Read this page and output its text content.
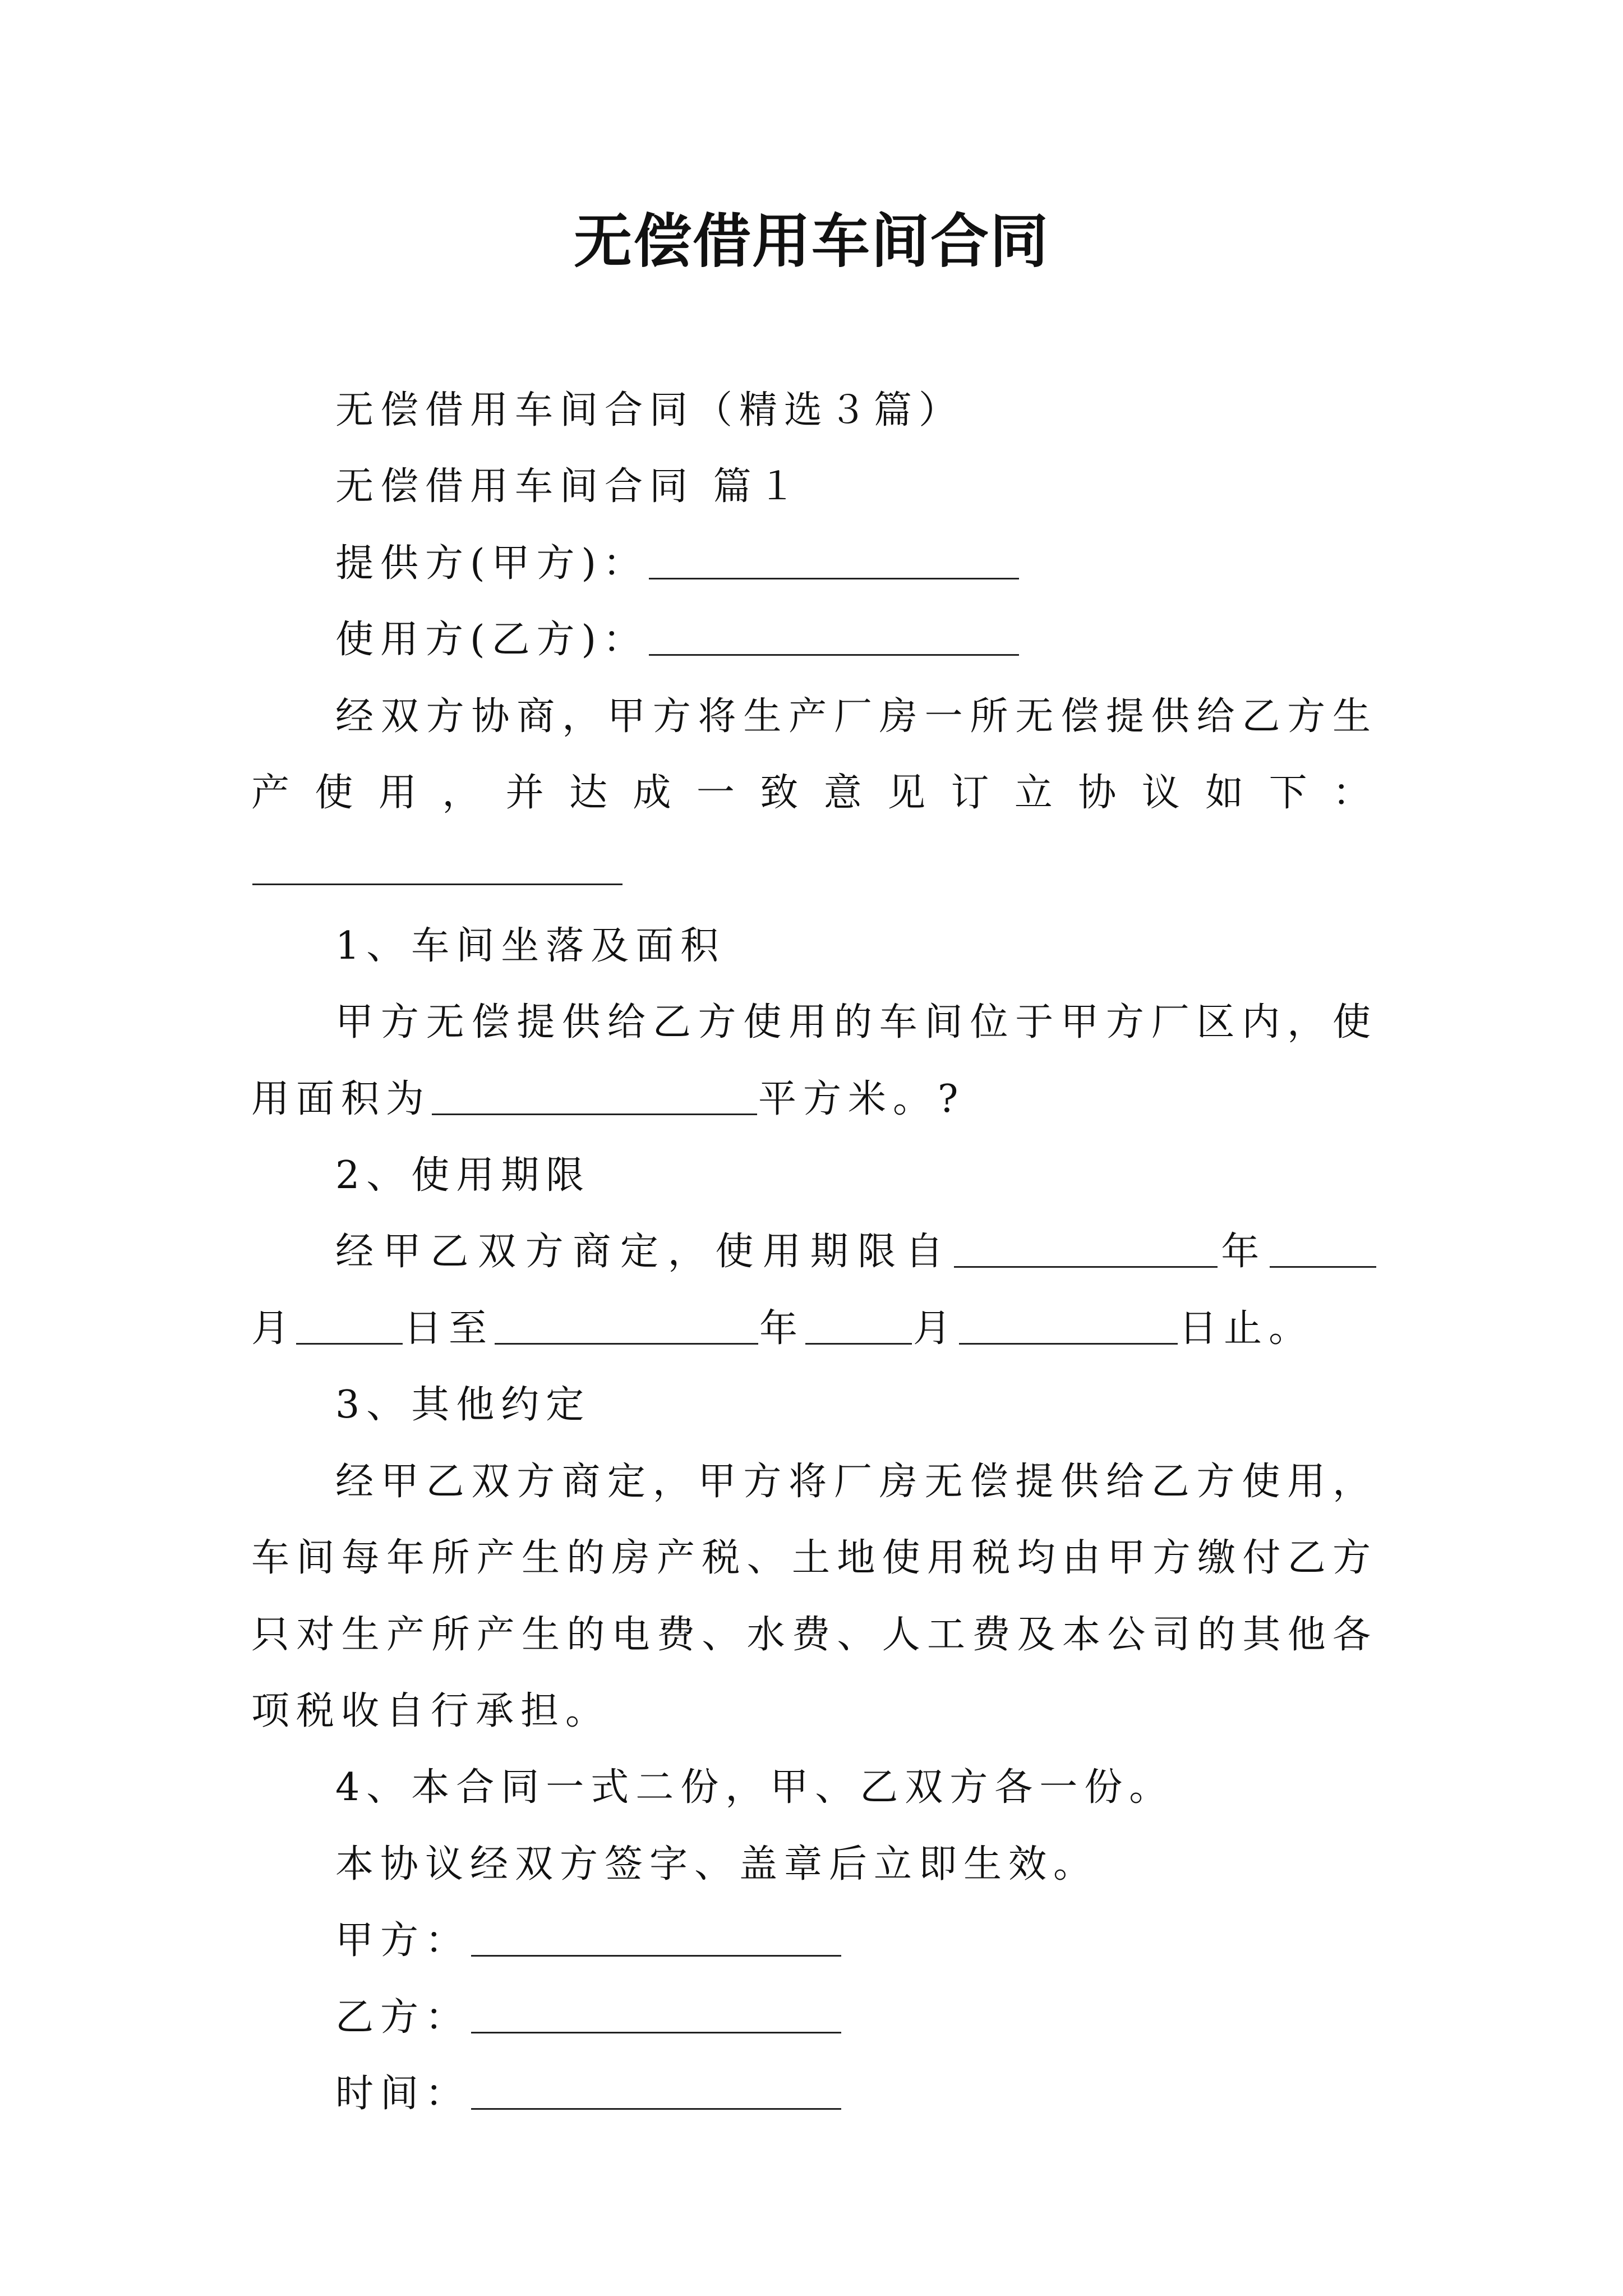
无偿借用车间合同

无偿借用车间合同（精选３篇）

无偿借用车间合同 篇１

提供方(甲方)：

使用方(乙方)：

经双方协商，甲方将生产厂房一所无偿提供给乙方生产使用，并达成一致意见订立协议如下：

1、车间坐落及面积

甲方无偿提供给乙方使用的车间位于甲方厂区内，使用面积为	平方米。?

2、使用期限

经甲乙双方商定，使用期限自	年月	日至	年	月	日止。

3、其他约定

经甲乙双方商定，甲方将厂房无偿提供给乙方使用，车间每年所产生的房产税、土地使用税均由甲方缴付乙方只对生产所产生的电费、水费、人工费及本公司的其他各项税收自行承担。

4、本合同一式二份，甲、乙双方各一份。

本协议经双方签字、盖章后立即生效。

甲方：

乙方：

时间：
